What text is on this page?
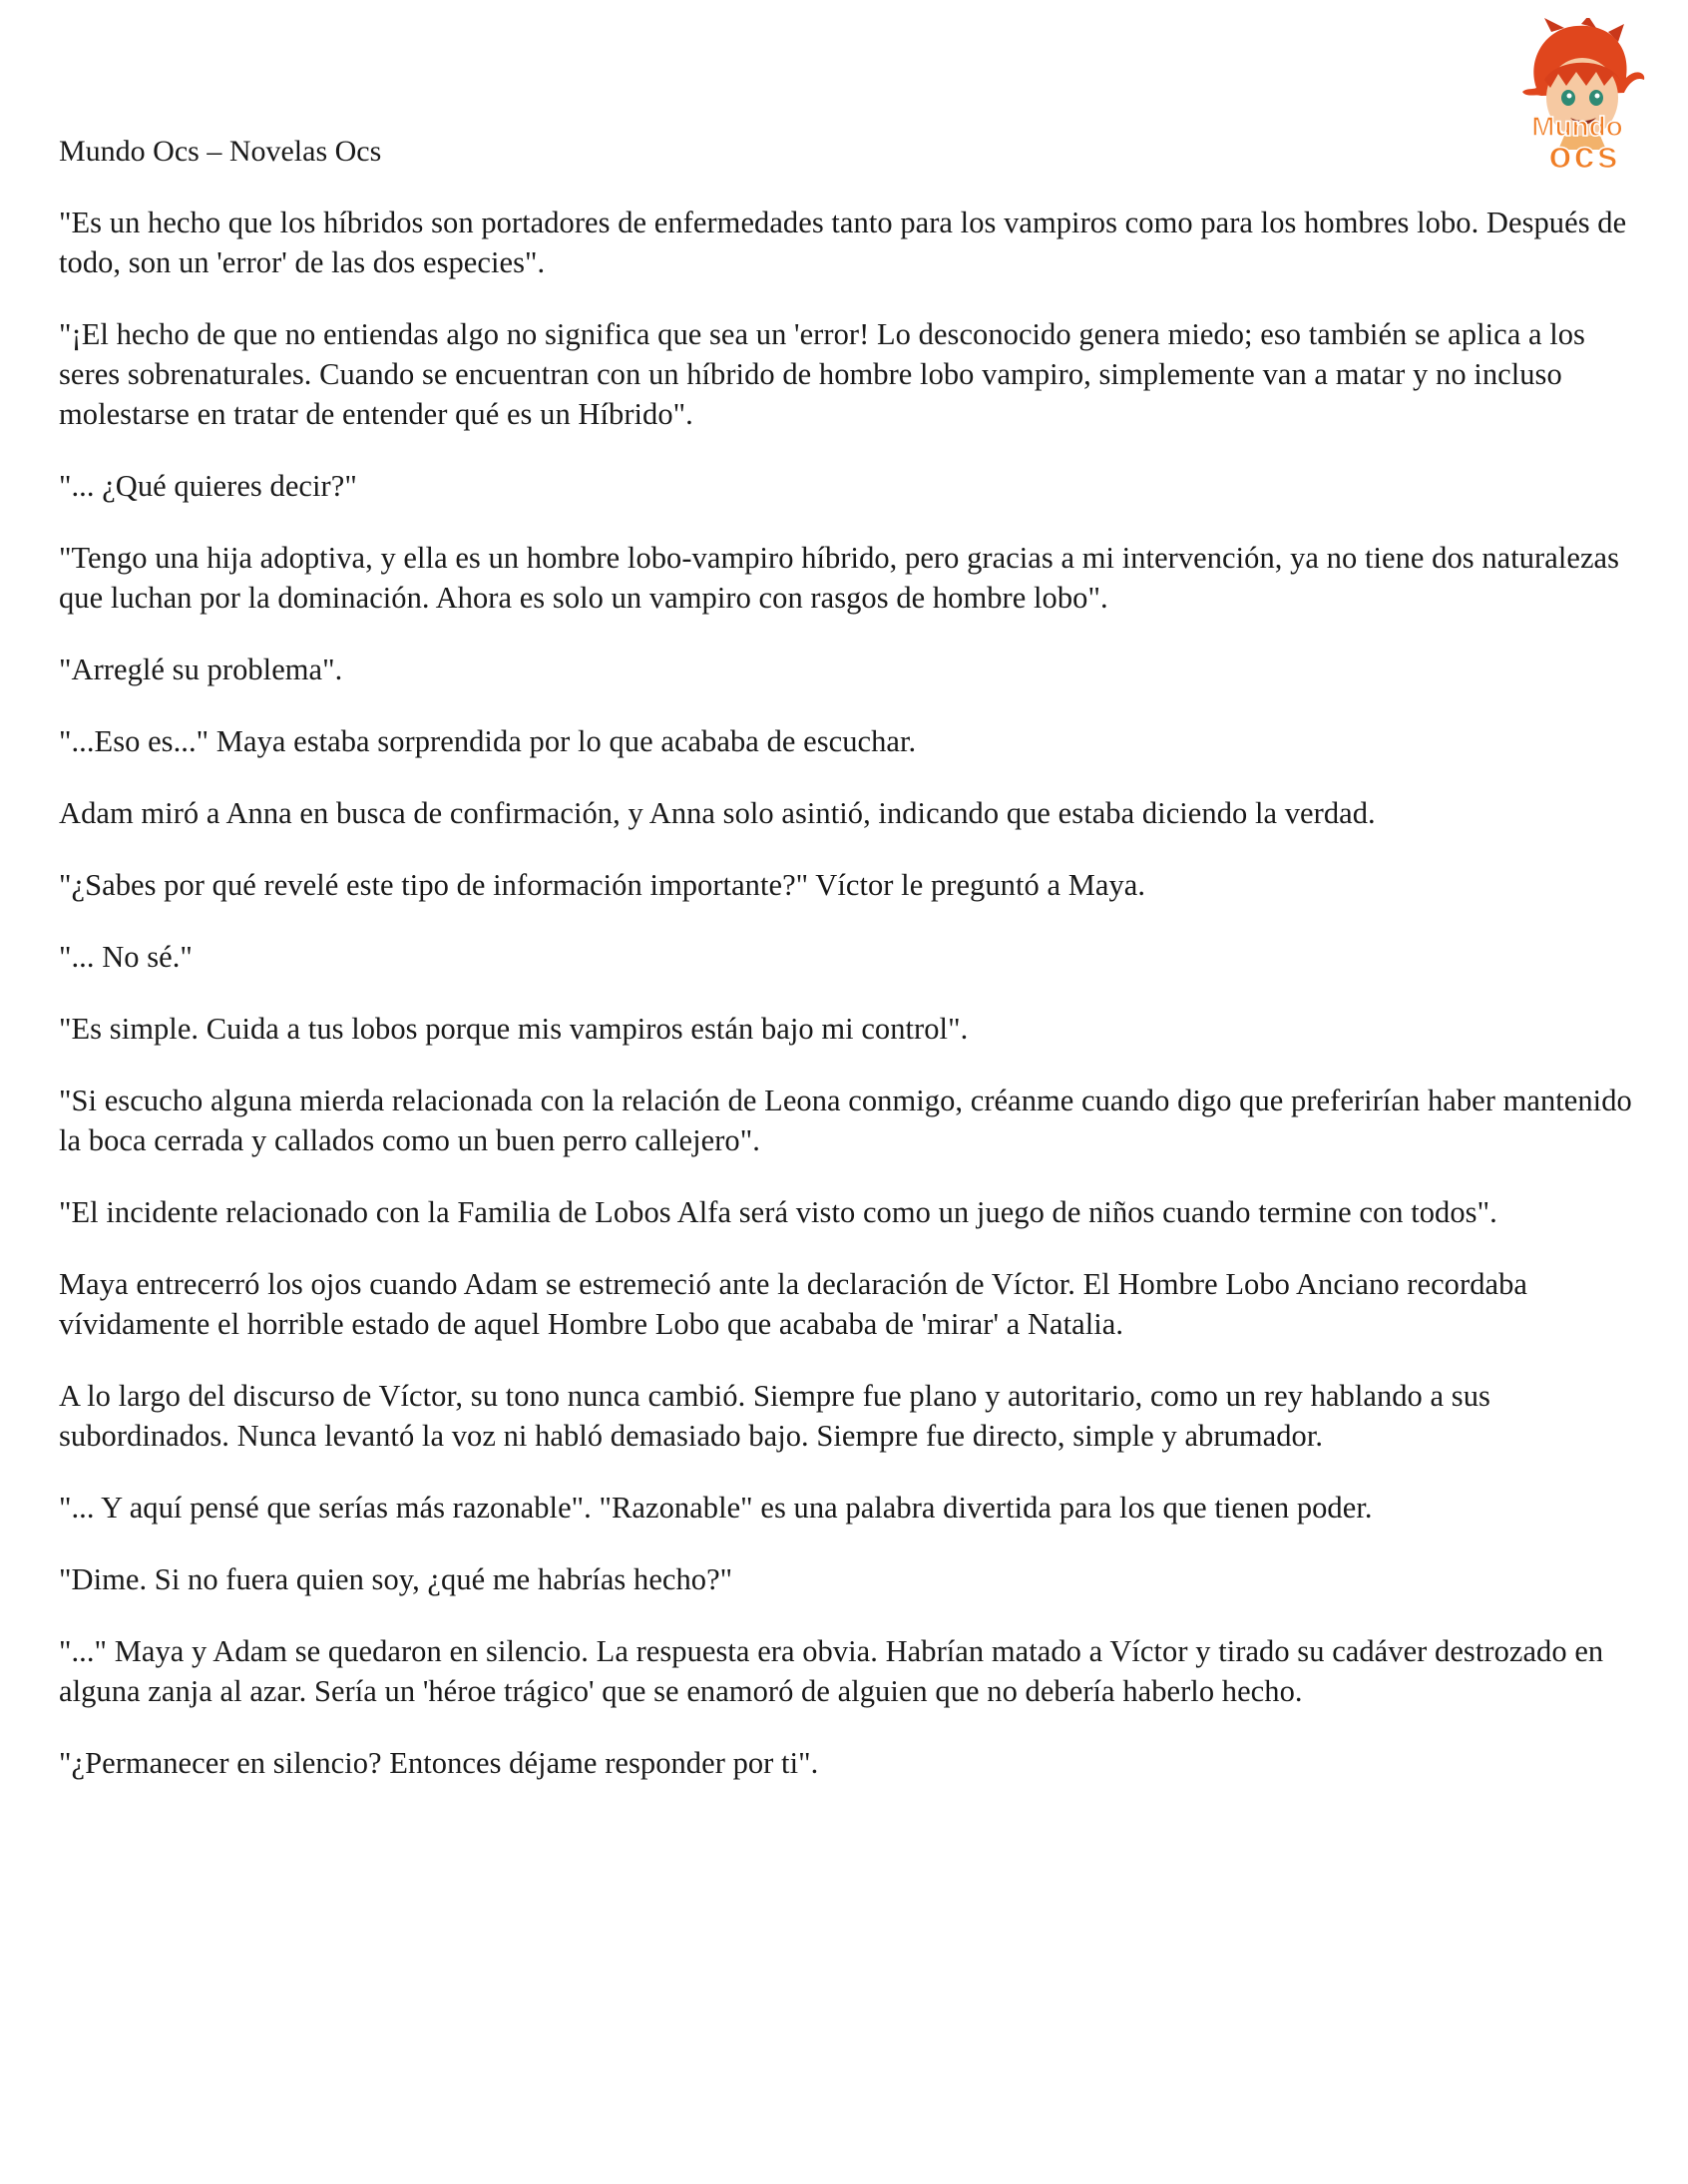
Mundo Ocs – Novelas Ocs
Mundo
ocs

"Es un hecho que los híbridos son portadores de enfermedades tanto para los vampiros como para los hombres lobo. Después de todo, son un 'error' de las dos especies".

"¡El hecho de que no entiendas algo no significa que sea un 'error! Lo desconocido genera miedo; eso también se aplica a los seres sobrenaturales. Cuando se encuentran con un híbrido de hombre lobo vampiro, simplemente van a matar y no incluso molestarse en tratar de entender qué es un Híbrido".

"... ¿Qué quieres decir?"

"Tengo una hija adoptiva, y ella es un hombre lobo-vampiro híbrido, pero gracias a mi intervención, ya no tiene dos naturalezas que luchan por la dominación. Ahora es solo un vampiro con rasgos de hombre lobo".

"Arreglé su problema".

"...Eso es..." Maya estaba sorprendida por lo que acababa de escuchar.

Adam miró a Anna en busca de confirmación, y Anna solo asintió, indicando que estaba diciendo la verdad.

"¿Sabes por qué revelé este tipo de información importante?" Víctor le preguntó a Maya.

"... No sé."

"Es simple. Cuida a tus lobos porque mis vampiros están bajo mi control".

"Si escucho alguna mierda relacionada con la relación de Leona conmigo, créanme cuando digo que preferirían haber mantenido la boca cerrada y callados como un buen perro callejero".

"El incidente relacionado con la Familia de Lobos Alfa será visto como un juego de niños cuando termine con todos".

Maya entrecerró los ojos cuando Adam se estremeció ante la declaración de Víctor. El Hombre Lobo Anciano recordaba vívidamente el horrible estado de aquel Hombre Lobo que acababa de 'mirar' a Natalia.

A lo largo del discurso de Víctor, su tono nunca cambió. Siempre fue plano y autoritario, como un rey hablando a sus subordinados. Nunca levantó la voz ni habló demasiado bajo. Siempre fue directo, simple y abrumador.

"... Y aquí pensé que serías más razonable". "Razonable" es una palabra divertida para los que tienen poder.

"Dime. Si no fuera quien soy, ¿qué me habrías hecho?"

"..." Maya y Adam se quedaron en silencio. La respuesta era obvia. Habrían matado a Víctor y tirado su cadáver destrozado en alguna zanja al azar. Sería un 'héroe trágico' que se enamoró de alguien que no debería haberlo hecho.

"¿Permanecer en silencio? Entonces déjame responder por ti".
